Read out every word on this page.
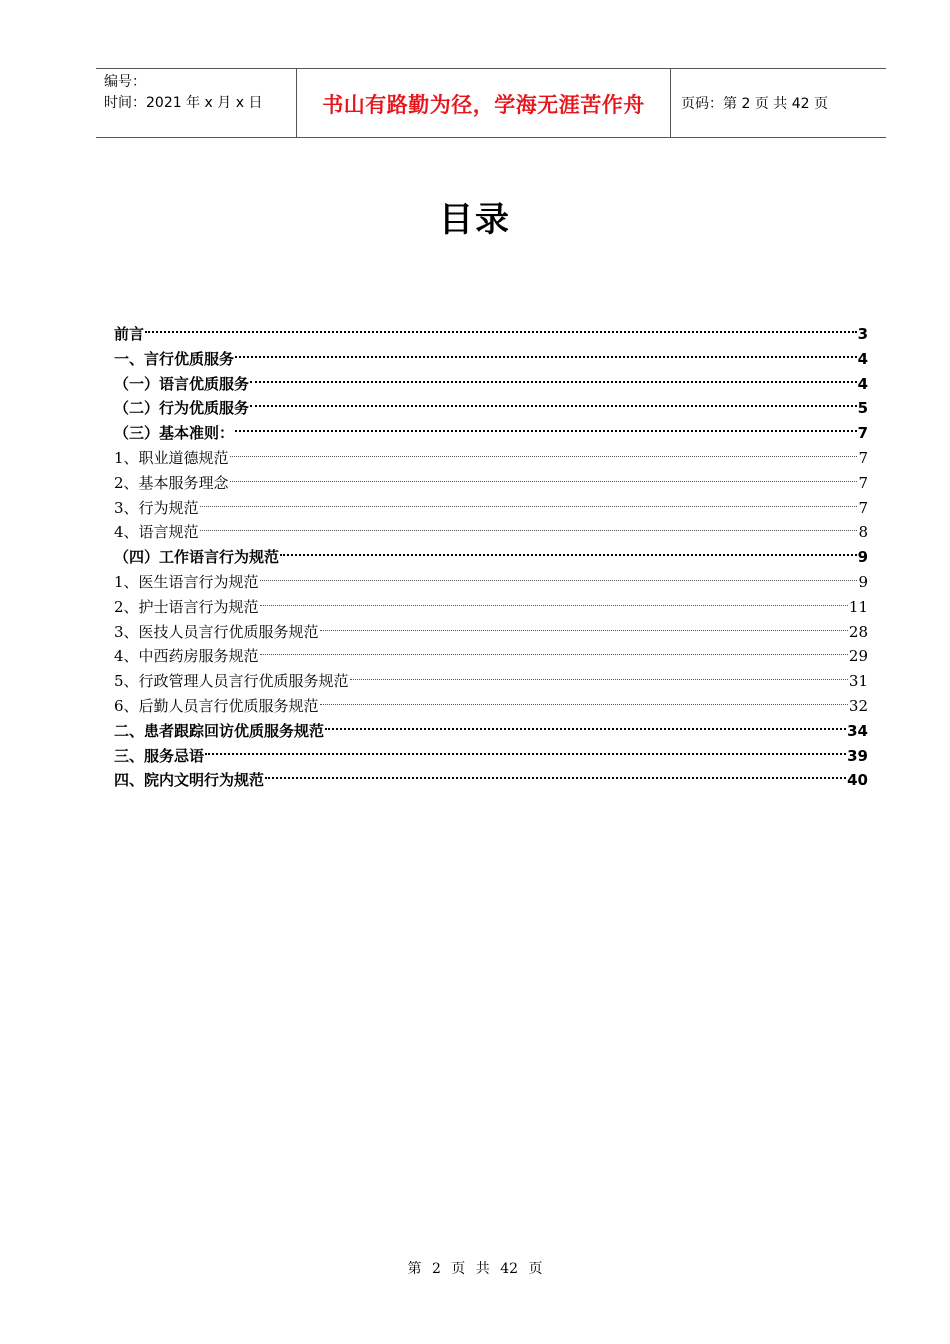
编号：
时间：2021 年 x 月 x 日	书山有路勤为径，学海无涯苦作舟	页码：第 2 页 共 42 页
目录
前言	3
一、言行优质服务	4
（一）语言优质服务	4
（二）行为优质服务	5
（三）基本准则：	7
1、职业道德规范	7
2、基本服务理念	7
3、行为规范	7
4、语言规范	8
（四）工作语言行为规范	9
1、医生语言行为规范	9
2、护士语言行为规范	11
3、医技人员言行优质服务规范	28
4、中西药房服务规范	29
5、行政管理人员言行优质服务规范	31
6、后勤人员言行优质服务规范	32
二、患者跟踪回访优质服务规范	34
三、服务忌语	39
四、院内文明行为规范	40
第 2 页 共 42 页
